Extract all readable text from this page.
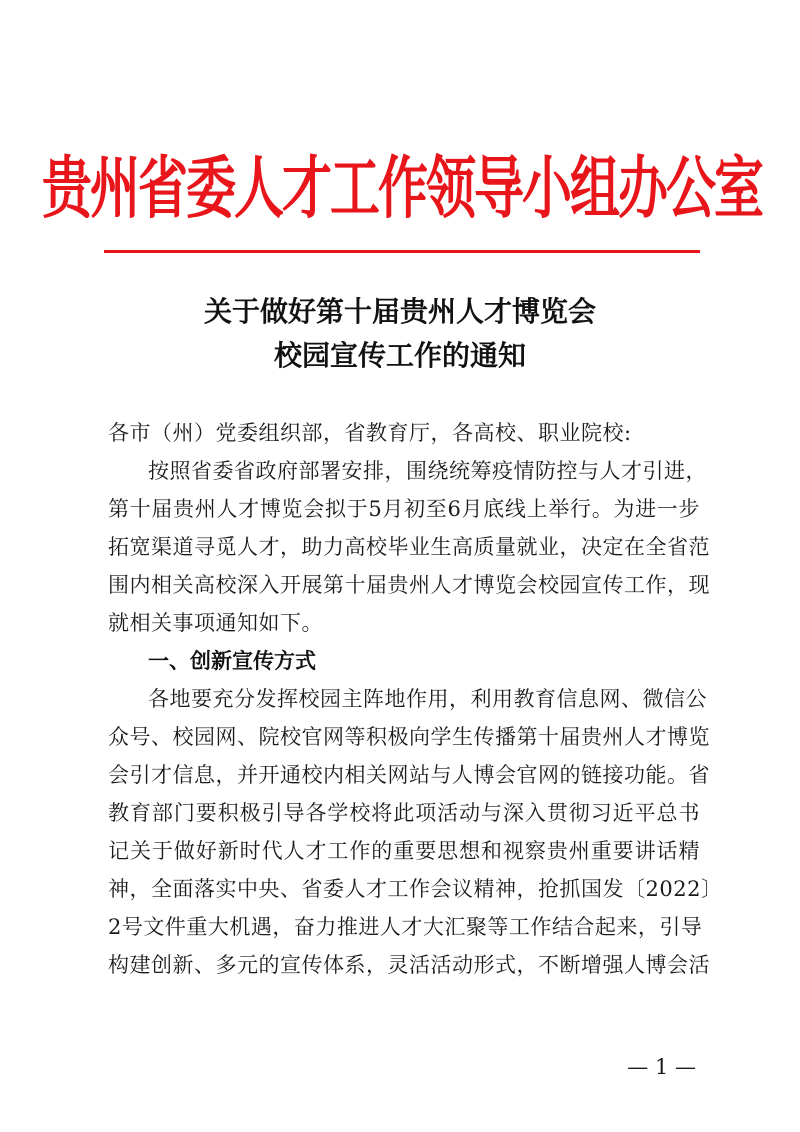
贵州省委人才工作领导小组办公室
关于做好第十届贵州人才博览会
校园宣传工作的通知
各市（州）党委组织部，省教育厅，各高校、职业院校:
按照省委省政府部署安排，围绕统筹疫情防控与人才引进，
第十届贵州人才博览会拟于5月初至6月底线上举行。为进一步
拓宽渠道寻觅人才，助力高校毕业生高质量就业，决定在全省范
围内相关高校深入开展第十届贵州人才博览会校园宣传工作，现
就相关事项通知如下。
一、创新宣传方式
各地要充分发挥校园主阵地作用，利用教育信息网、微信公
众号、校园网、院校官网等积极向学生传播第十届贵州人才博览
会引才信息，并开通校内相关网站与人博会官网的链接功能。省
教育部门要积极引导各学校将此项活动与深入贯彻习近平总书
记关于做好新时代人才工作的重要思想和视察贵州重要讲话精
神，全面落实中央、省委人才工作会议精神，抢抓国发〔2022〕
2号文件重大机遇，奋力推进人才大汇聚等工作结合起来，引导
构建创新、多元的宣传体系，灵活活动形式，不断增强人博会活
— 1 —
